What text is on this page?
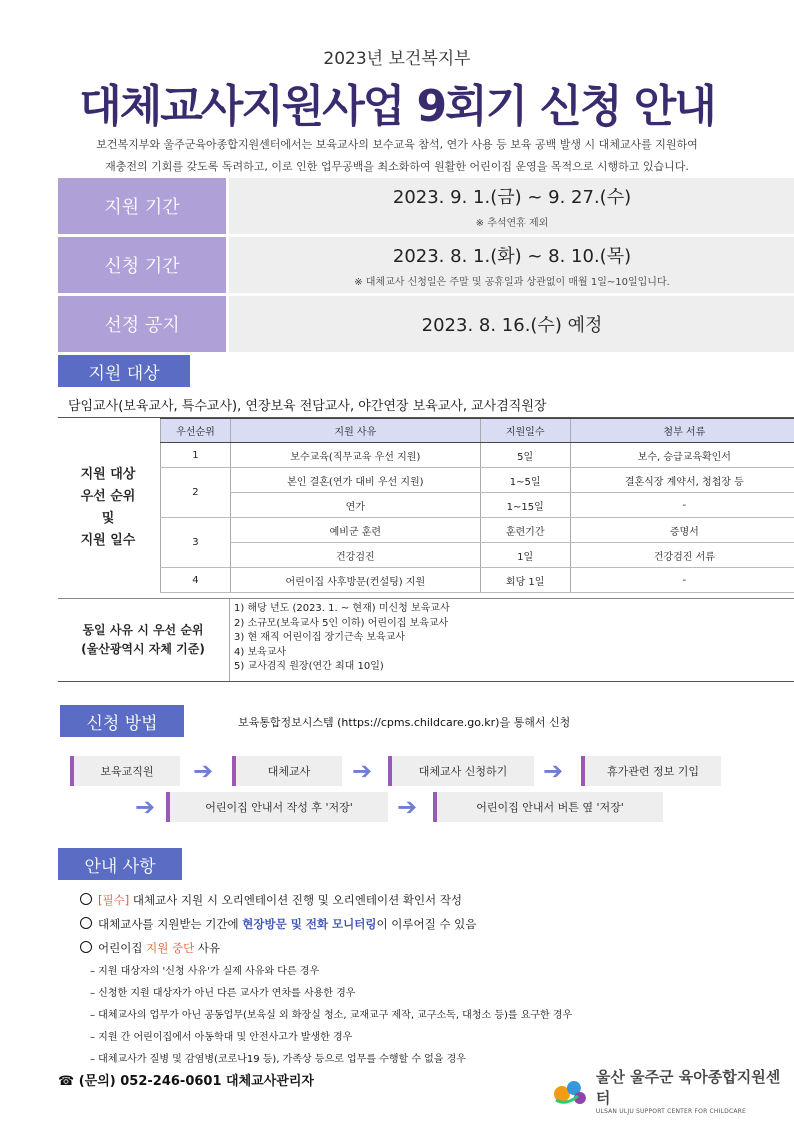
2023년 보건복지부
대체교사지원사업 9회기 신청 안내
보건복지부와 울주군육아종합지원센터에서는 보육교사의 보수교육 참석, 연가 사용 등 보육 공백 발생 시 대체교사를 지원하여
재충전의 기회를 갖도록 독려하고, 이로 인한 업무공백을 최소화하여 원활한 어린이집 운영을 목적으로 시행하고 있습니다.
지원 기간	2023. 9. 1.(금) ~ 9. 27.(수)
※ 추석연휴 제외
신청 기간	2023. 8. 1.(화) ~ 8. 10.(목)
※ 대체교사 신청일은 주말 및 공휴일과 상관없이 매월 1일~10일입니다.
선정 공지	2023. 8. 16.(수) 예정
지원 대상
담임교사(보육교사, 특수교사), 연장보육 전담교사, 야간연장 보육교사, 교사겸직원장
지원 대상
우선 순위
및
지원 일수
우선순위	지원 사유	지원일수	첨부 서류
1	보수교육(직무교육 우선 지원)	5일	보수, 승급교육확인서
2	본인 결혼(연가 대비 우선 지원)	1~5일	결혼식장 계약서, 청첩장 등
	연가	1~15일	-
3	예비군 훈련	훈련기간	증명서
	건강검진	1일	건강검진 서류
4	어린이집 사후방문(컨설팅) 지원	회당 1일	-
동일 사유 시 우선 순위
(울산광역시 자체 기준)
1) 해당 년도 (2023. 1. ~ 현재) 미신청 보육교사
2) 소규모(보육교사 5인 이하) 어린이집 보육교사
3) 현 재직 어린이집 장기근속 보육교사
4) 보육교사
5) 교사겸직 원장(연간 최대 10일)
신청 방법	보육통합정보시스템 (https://cpms.childcare.go.kr)을 통해서 신청
보육교직원	➔	대체교사	➔	대체교사 신청하기	➔	휴가관련 정보 기입
➔	어린이집 안내서 작성 후 '저장'	➔	어린이집 안내서 버튼 옆 '저장'
안내 사항
[필수] 대체교사 지원 시 오리엔테이션 진행 및 오리엔테이션 확인서 작성
대체교사를 지원받는 기간에 현장방문 및 전화 모니터링이 이루어질 수 있음
어린이집 지원 중단 사유
– 지원 대상자의 '신청 사유'가 실제 사유와 다른 경우
– 신청한 지원 대상자가 아닌 다른 교사가 연차를 사용한 경우
– 대체교사의 업무가 아닌 공동업무(보육실 외 화장실 청소, 교재교구 제작, 교구소독, 대청소 등)를 요구한 경우
– 지원 간 어린이집에서 아동학대 및 안전사고가 발생한 경우
– 대체교사가 질병 및 감염병(코로나19 등), 가족상 등으로 업무를 수행할 수 없을 경우
☎ (문의) 052-246-0601 대체교사관리자	울산 울주군 육아종합지원센터
ULSAN ULJU SUPPORT CENTER FOR CHILDCARE
